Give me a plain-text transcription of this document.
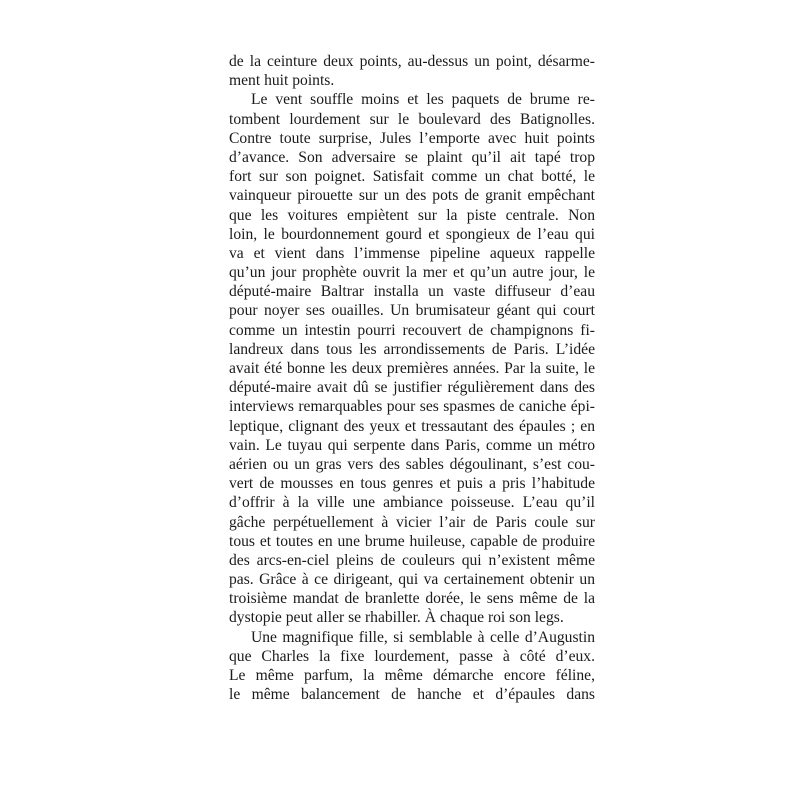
de la ceinture deux points, au-dessus un point, désarme-
ment huit points.
Le vent souffle moins et les paquets de brume re-
tombent lourdement sur le boulevard des Batignolles.
Contre toute surprise, Jules l’emporte avec huit points
d’avance. Son adversaire se plaint qu’il ait tapé trop
fort sur son poignet. Satisfait comme un chat botté, le
vainqueur pirouette sur un des pots de granit empêchant
que les voitures empiètent sur la piste centrale. Non
loin, le bourdonnement gourd et spongieux de l’eau qui
va et vient dans l’immense pipeline aqueux rappelle
qu’un jour prophète ouvrit la mer et qu’un autre jour, le
député-maire Baltrar installa un vaste diffuseur d’eau
pour noyer ses ouailles. Un brumisateur géant qui court
comme un intestin pourri recouvert de champignons fi-
landreux dans tous les arrondissements de Paris. L’idée
avait été bonne les deux premières années. Par la suite, le
député-maire avait dû se justifier régulièrement dans des
interviews remarquables pour ses spasmes de caniche épi-
leptique, clignant des yeux et tressautant des épaules ; en
vain. Le tuyau qui serpente dans Paris, comme un métro
aérien ou un gras vers des sables dégoulinant, s’est cou-
vert de mousses en tous genres et puis a pris l’habitude
d’offrir à la ville une ambiance poisseuse. L’eau qu’il
gâche perpétuellement à vicier l’air de Paris coule sur
tous et toutes en une brume huileuse, capable de produire
des arcs-en-ciel pleins de couleurs qui n’existent même
pas. Grâce à ce dirigeant, qui va certainement obtenir un
troisième mandat de branlette dorée, le sens même de la
dystopie peut aller se rhabiller. À chaque roi son legs.
Une magnifique fille, si semblable à celle d’Augustin
que Charles la fixe lourdement, passe à côté d’eux.
Le même parfum, la même démarche encore féline,
le même balancement de hanche et d’épaules dans
